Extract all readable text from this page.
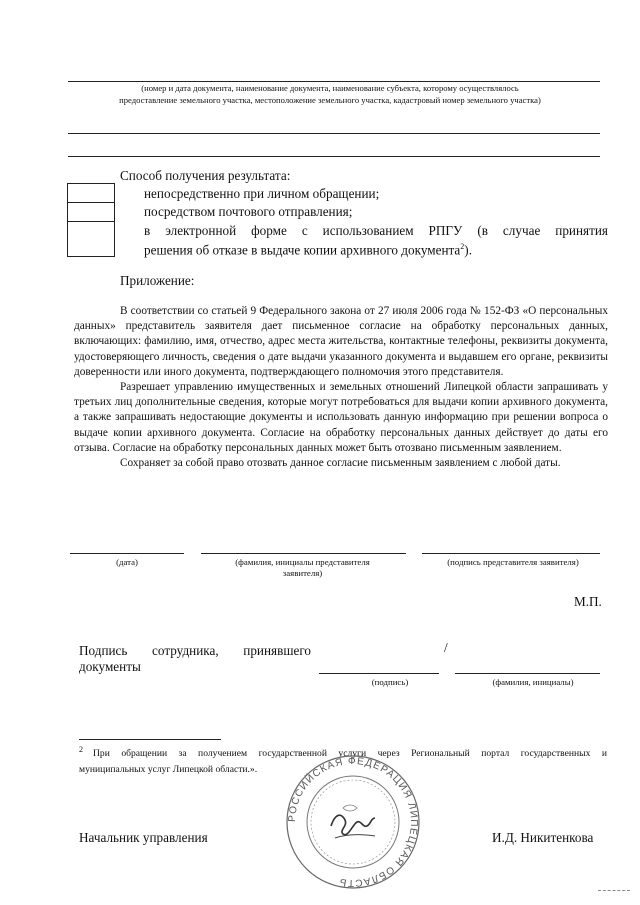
(номер и дата документа, наименование документа, наименование субъекта, которому осуществлялось
предоставление земельного участка, местоположение земельного участка, кадастровый номер земельного участка)
Способ получения результата:
непосредственно при личном обращении;
посредством почтового отправления;
в электронной форме с использованием РПГУ (в случае принятия
решения об отказе в выдаче копии архивного документа$^2$).
Приложение:

В соответствии со статьей 9 Федерального закона от 27 июля 2006 года № 152-ФЗ «О персональных данных» представитель заявителя дает письменное согласие на обработку персональных данных, включающих: фамилию, имя, отчество, адрес места жительства, контактные телефоны, реквизиты документа, удостоверяющего личность, сведения о дате выдачи указанного документа и выдавшем его органе, реквизиты доверенности или иного документа, подтверждающего полномочия этого представителя.

Разрешает управлению имущественных и земельных отношений Липецкой области запрашивать у третьих лиц дополнительные сведения, которые могут потребоваться для выдачи копии архивного документа, а также запрашивать недостающие документы и использовать данную информацию при решении вопроса о выдаче копии архивного документа. Согласие на обработку персональных данных действует до даты его отзыва. Согласие на обработку персональных данных может быть отозвано письменным заявлением.

Сохраняет за собой право отозвать данное согласие письменным заявлением с любой даты.

(дата)	(фамилия, инициалы представителя
заявителя)
(подпись представителя заявителя)
М.П.
Подпись сотрудника, принявшего
документы
/
(подпись)	(фамилия, инициалы)
$^2$ При обращении за получением государственной услуги через Региональный портал государственных и
муниципальных услуг Липецкой области.».
РОССИЙСКАЯ ФЕДЕРАЦИЯ ЛИПЕЦКАЯ ОБЛАСТЬ
Начальник управления	И.Д. Никитенкова
